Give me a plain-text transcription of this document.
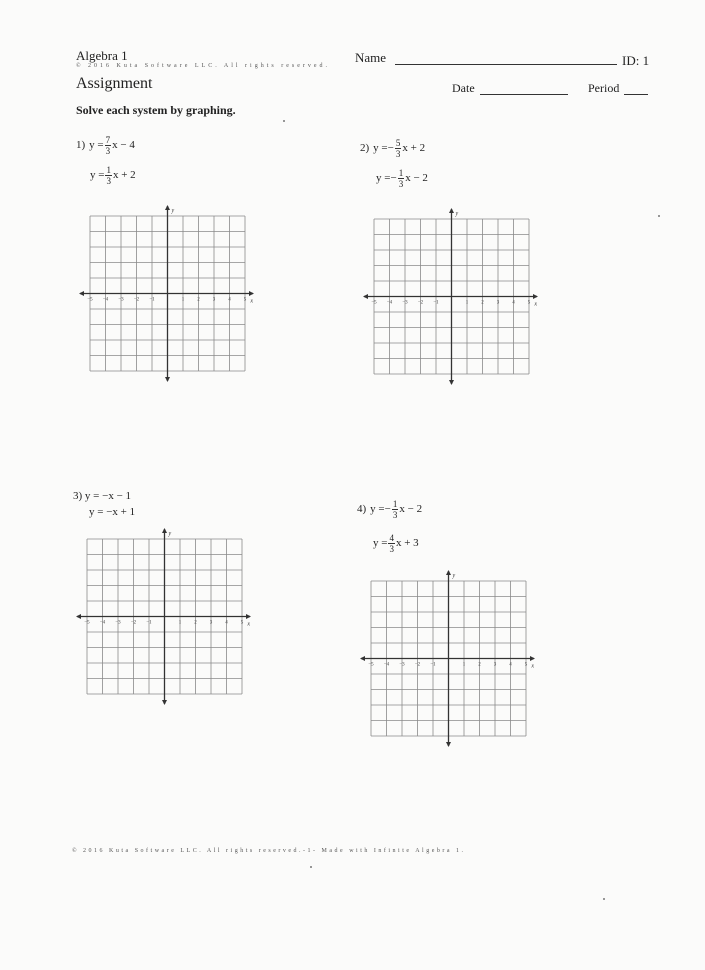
Algebra 1
© 2016 Kuta Software LLC. All rights reserved.
Assignment
Name	ID: 1
Date	Period
Solve each system by graphing.
1) $y = \frac{7}{3}$ x − 4
$y = \frac{1}{3}$ x + 2
2) y = − $\frac{5}{3}$ x + 2
y = − $\frac{1}{3}$ x − 2
3) y = −x − 1
y = −x + 1	4) y = − $\frac{1}{3}$ x − 2
$y = \frac{4}{3}$ x + 3
x
y
−5 −4 −3 −2 −1	1	2	3	4	5
x
y
−5 −4 −3 −2 −1	1	2	3	4	5
x
y
−5 −4 −3 −2 −1	1	2	3	4	5
x
y
−5 −4 −3 −2 −1	1	2	3	4	5
© 2016 Kuta Software LLC. All rights reserved.-1- Made with Infinite Algebra 1.
